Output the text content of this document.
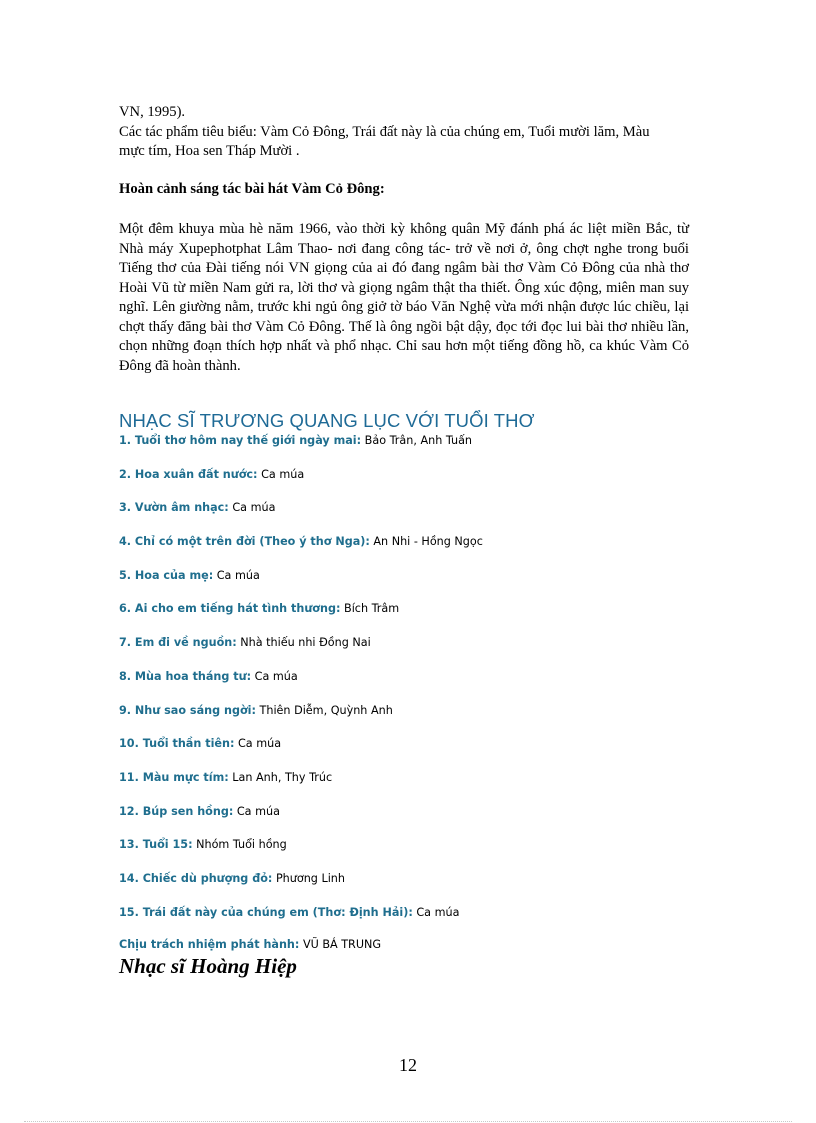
VN, 1995).
Các tác phẩm tiêu biểu: Vàm Cỏ Đông, Trái đất này là của chúng em, Tuổi mười lăm, Màu
mực tím, Hoa sen Tháp Mười .
Hoàn cảnh sáng tác bài hát Vàm Cỏ Đông:

Một đêm khuya mùa hè năm 1966, vào thời kỳ không quân Mỹ đánh phá ác liệt miền Bắc, từ Nhà máy Xupephotphat Lâm Thao- nơi đang công tác- trở về nơi ở, ông chợt nghe trong buổi Tiếng thơ của Đài tiếng nói VN giọng của ai đó đang ngâm bài thơ Vàm Cỏ Đông của nhà thơ Hoài Vũ từ miền Nam gửi ra, lời thơ và giọng ngâm thật tha thiết. Ông xúc động, miên man suy nghĩ. Lên giường nằm, trước khi ngủ ông giở tờ báo Văn Nghệ vừa mới nhận được lúc chiều, lại chợt thấy đăng bài thơ Vàm Cỏ Đông. Thế là ông ngồi bật dậy, đọc tới đọc lui bài thơ nhiều lần, chọn những đoạn thích hợp nhất và phổ nhạc. Chỉ sau hơn một tiếng đồng hồ, ca khúc Vàm Cỏ Đông đã hoàn thành.

NHẠC SĨ TRƯƠNG QUANG LỤC VỚI TUỔI THƠ
1. Tuổi thơ hôm nay thế giới ngày mai: Bảo Trân, Anh Tuấn
2. Hoa xuân đất nước: Ca múa
3. Vườn âm nhạc: Ca múa
4. Chỉ có một trên đời (Theo ý thơ Nga): An Nhi - Hồng Ngọc
5. Hoa của mẹ: Ca múa
6. Ai cho em tiếng hát tình thương: Bích Trâm
7. Em đi về nguồn: Nhà thiếu nhi Đồng Nai
8. Mùa hoa tháng tư: Ca múa
9. Như sao sáng ngời: Thiên Diễm, Quỳnh Anh
10. Tuổi thần tiên: Ca múa
11. Màu mực tím: Lan Anh, Thy Trúc
12. Búp sen hồng: Ca múa
13. Tuổi 15: Nhóm Tuổi hồng
14. Chiếc dù phượng đỏ: Phương Linh
15. Trái đất này của chúng em (Thơ: Định Hải): Ca múa
Chịu trách nhiệm phát hành: VŨ BÁ TRUNG
Nhạc sĩ Hoàng Hiệp
12
